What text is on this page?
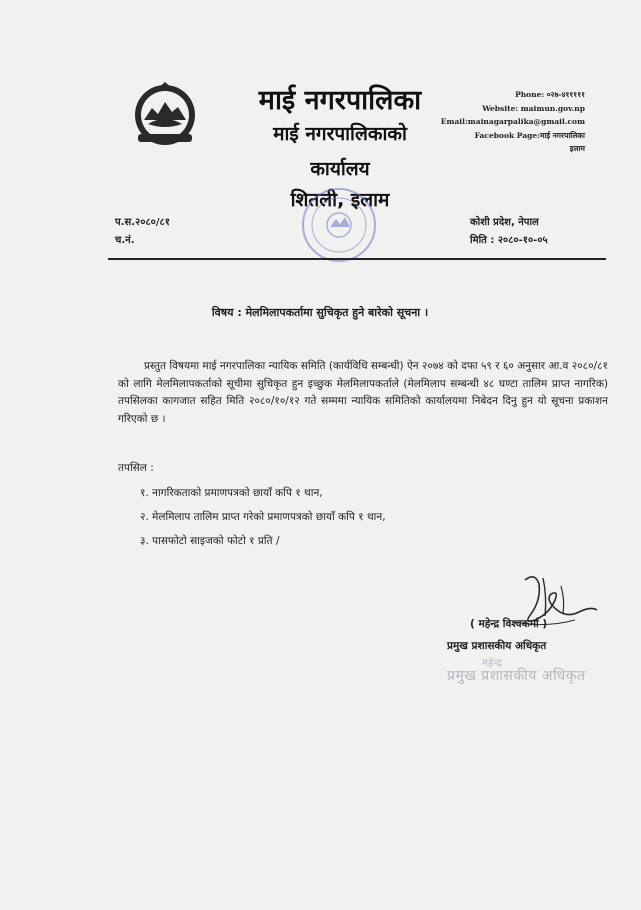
माई नगरपालिका
माई नगरपालिकाको
कार्यालय
शितली, इलाम
Phone: ०२७-४१११११
Website: maimun.gov.np
Email:mainagarpalika@gmail.com
Facebook Page:माई नगरपालिका
इलाम
प.स.२०८०/८१
च.नं.
कोशी प्रदेश, नेपाल
मिति : २०८०-१०-०५
विषय : मेलमिलापकर्तामा सुचिकृत हुने बारेको सूचना ।
प्रस्तुत विषयमा माई नगरपालिका न्यायिक समिति (कार्यविधि सम्बन्धी) ऐन २०७४ को दफा ५९ र ६० अनुसार आ.व २०८०/८१ को लागि मेलमिलापकर्ताको सूचीमा सुचिकृत हुन इच्छुक मेलमिलापकर्ताले (मेलमिलाप सम्बन्धी ४८ घण्टा तालिम प्राप्त नागरिक) तपसिलका कागजात सहित मिति २०८०/१०/१२ गते सम्ममा न्यायिक समितिको कार्यालयमा निबेदन दिनु हुन यो सूचना प्रकाशन गरिएको छ ।
तपसिल :
१. नागरिकताको प्रमाणपत्रको छायाँ कपि १ थान,
२. मेलमिलाप तालिम प्राप्त गरेको प्रमाणपत्रको छायाँ कपि १ थान,
३. पासफोटो साइजको फोटो १ प्रति /
( महेन्द्र विश्वकर्मा )
प्रमुख प्रशासकीय अधिकृत
महेन्द्र
प्रमुख प्रशासकीय अधिकृत
